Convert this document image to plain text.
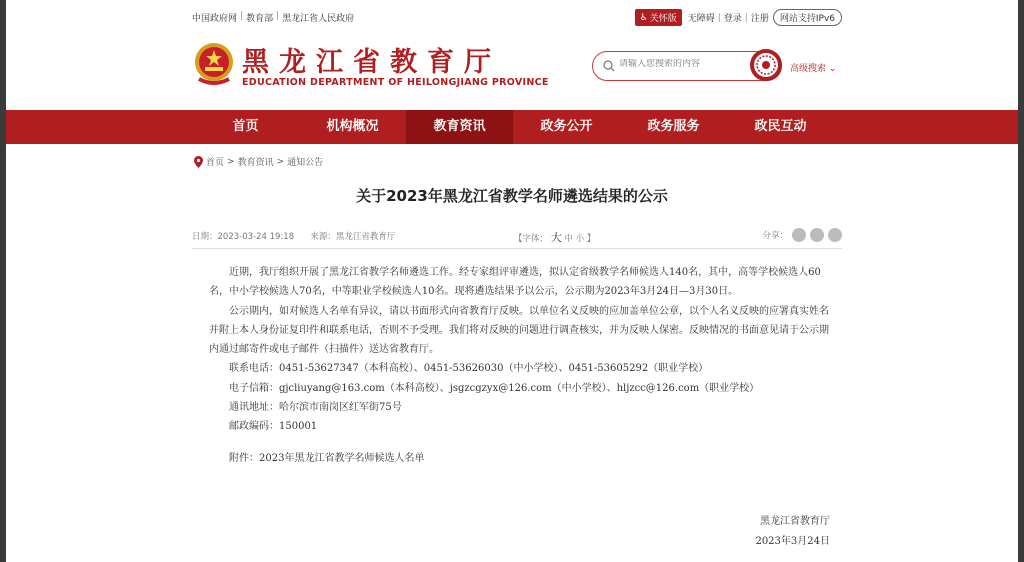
中国政府网 | 教育部 | 黑龙江省人民政府	♿ 关怀版 无障碍 | 登录 | 注册	网站支持IPv6
黑龙江省教育厅
EDUCATION DEPARTMENT OF HEILONGJIANG PROVINCE
请输入您搜索的内容
高级搜索 ⌄
首页	机构概况	教育资讯	政务公开	政务服务	政民互动
首页 > 教育资讯 > 通知公告
关于2023年黑龙江省教学名师遴选结果的公示
日期：2023-03-24 19:18 来源：黑龙江省教育厅	【字体： 大 中 小 】	分享：

近期，我厅组织开展了黑龙江省教学名师遴选工作。经专家组评审遴选，拟认定省级教学名师候选人140名，其中，高等学校候选人60名，中小学校候选人70名，中等职业学校候选人10名。现将遴选结果予以公示，公示期为2023年3月24日—3月30日。

公示期内，如对候选人名单有异议，请以书面形式向省教育厅反映。以单位名义反映的应加盖单位公章，以个人名义反映的应署真实姓名并附上本人身份证复印件和联系电话，否则不予受理。我们将对反映的问题进行调查核实，并为反映人保密。反映情况的书面意见请于公示期内通过邮寄件或电子邮件（扫描件）送达省教育厅。

联系电话：0451-53627347（本科高校）、0451-53626030（中小学校）、0451-53605292（职业学校）

电子信箱：gjcliuyang@163.com（本科高校）、jsgzcgzyx@126.com（中小学校）、hljzcc@126.com（职业学校）

通讯地址：哈尔滨市南岗区红军街75号

邮政编码：150001

附件：2023年黑龙江省教学名师候选人名单

黑龙江省教育厅
2023年3月24日
